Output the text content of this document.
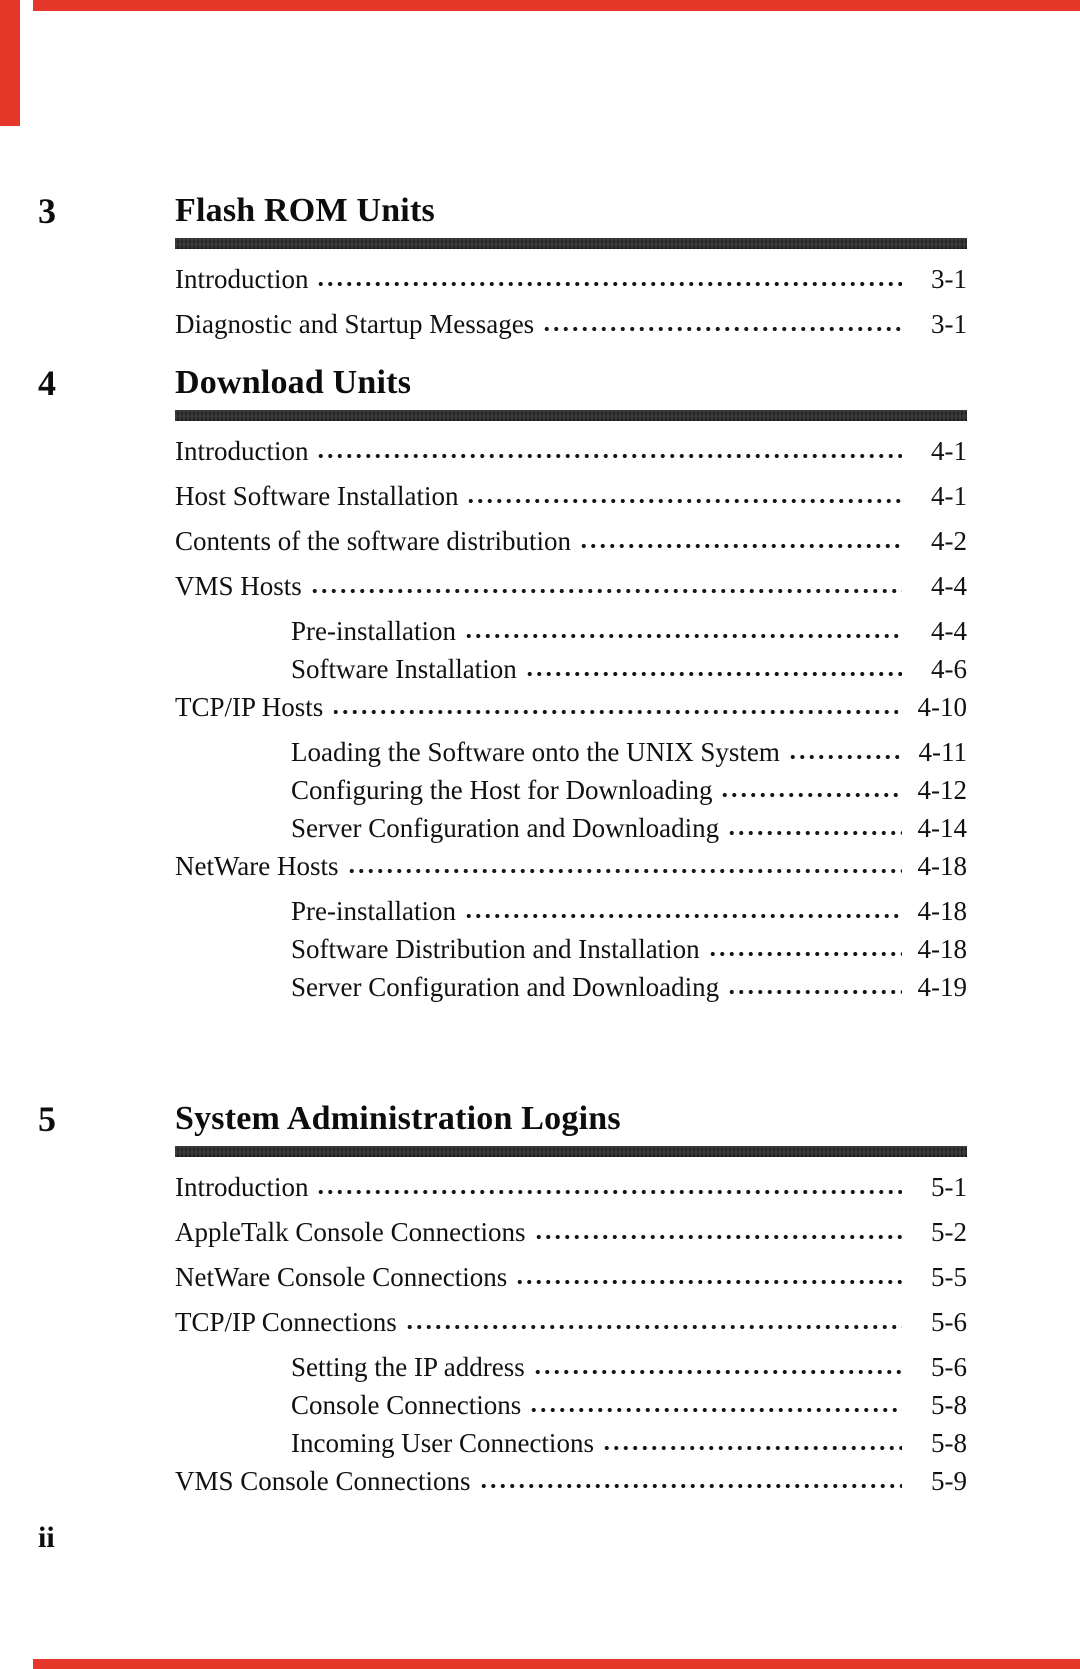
3	Flash ROM Units
Introduction	3-1
Diagnostic and Startup Messages	3-1
4	Download Units
Introduction	4-1
Host Software Installation	4-1
Contents of the software distribution	4-2
VMS Hosts	4-4
Pre-installation	4-4
Software Installation	4-6
TCP/IP Hosts	4-10
Loading the Software onto the UNIX System	4-11
Configuring the Host for Downloading	4-12
Server Configuration and Downloading	4-14
NetWare Hosts	4-18
Pre-installation	4-18
Software Distribution and Installation	4-18
Server Configuration and Downloading	4-19
5	System Administration Logins
Introduction	5-1
AppleTalk Console Connections	5-2
NetWare Console Connections	5-5
TCP/IP Connections	5-6
Setting the IP address	5-6
Console Connections	5-8
Incoming User Connections	5-8
VMS Console Connections	5-9
ii
